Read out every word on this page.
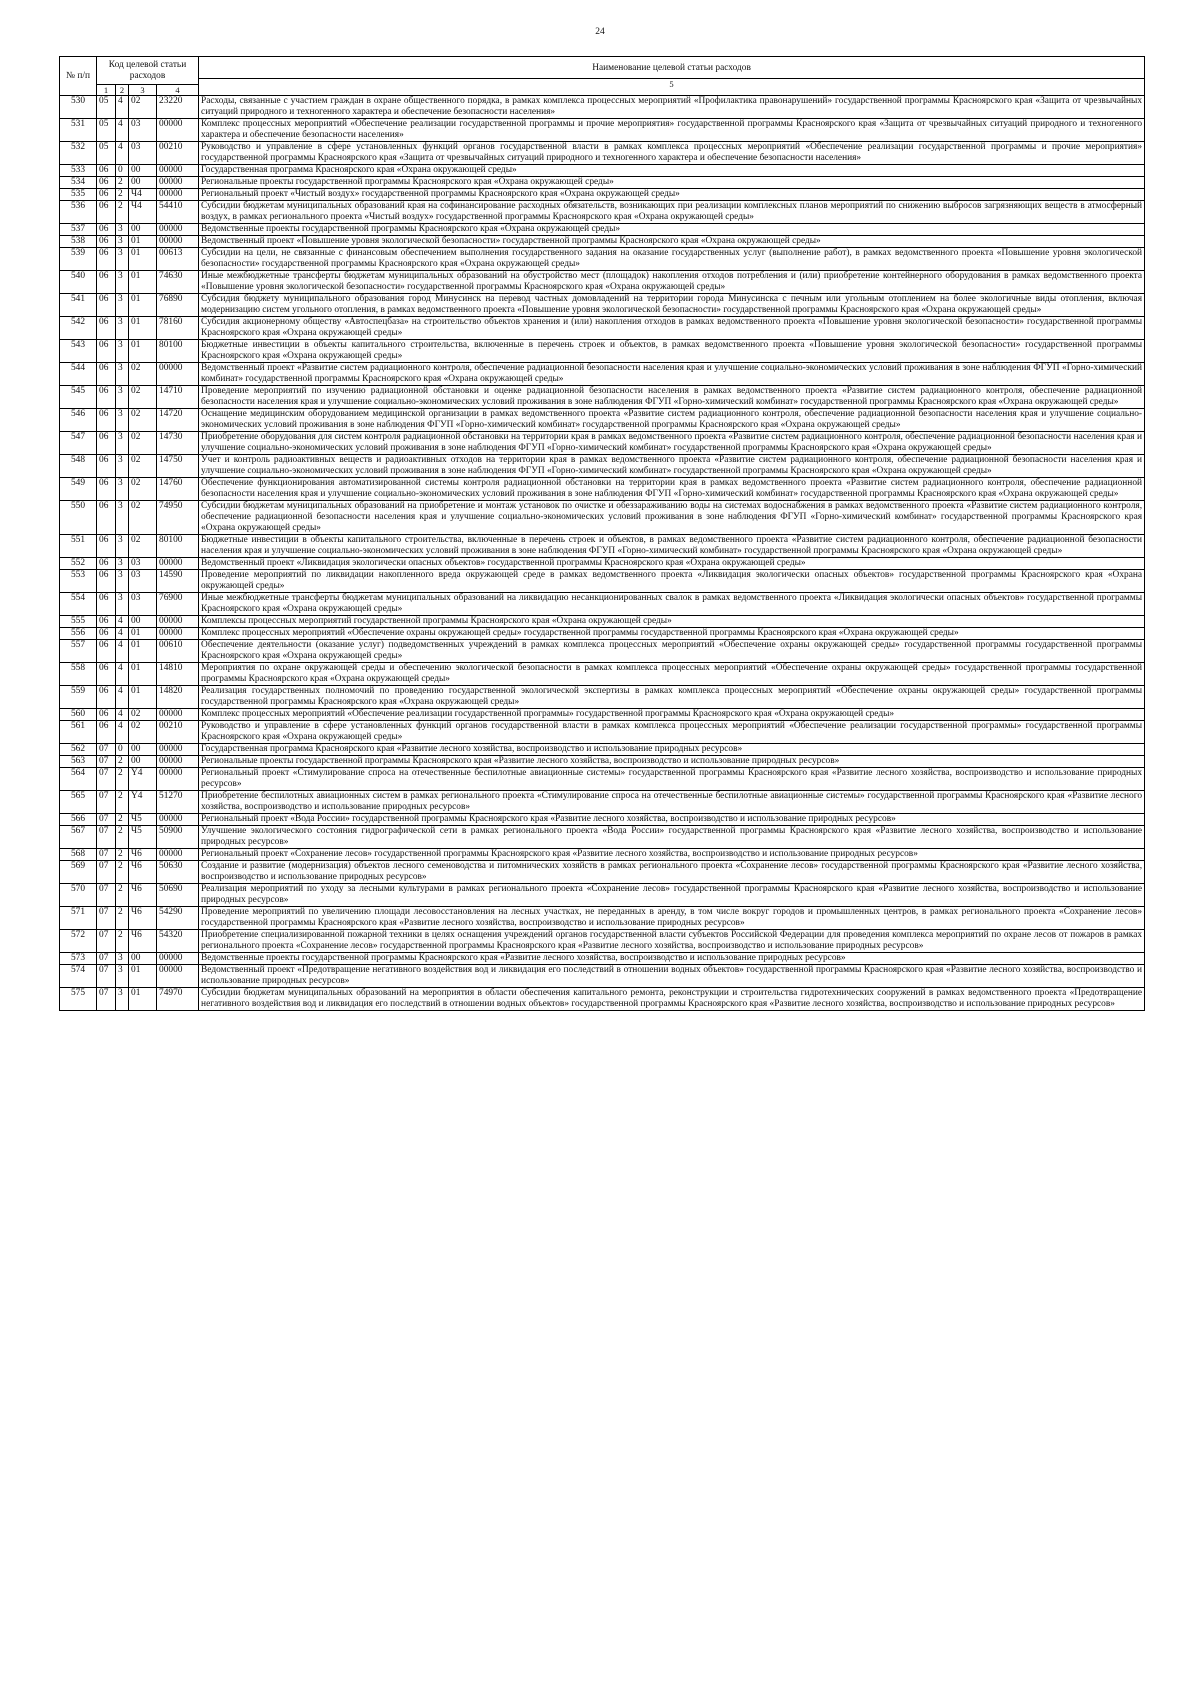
24
№ п/п	Код целевой статьи расходов				Наименование целевой статьи расходов
5

	1	2	3	4	
530	05	4	02	23220	Расходы, связанные с участием граждан в охране общественного порядка, в рамках комплекса процессных мероприятий «Профилактика правонарушений» государственной программы Красноярского края «Защита от чрезвычайных ситуаций природного и техногенного характера и обеспечение безопасности населения»
531	05	4	03	00000	Комплекс процессных мероприятий «Обеспечение реализации государственной программы и прочие мероприятия» государственной программы Красноярского края «Защита от чрезвычайных ситуаций природного и техногенного характера и обеспечение безопасности населения»
532	05	4	03	00210	Руководство и управление в сфере установленных функций органов государственной власти в рамках комплекса процессных мероприятий «Обеспечение реализации государственной программы и прочие мероприятия» государственной программы Красноярского края «Защита от чрезвычайных ситуаций природного и техногенного характера и обеспечение безопасности населения»
533	06	0	00	00000	Государственная программа Красноярского края «Охрана окружающей среды»
534	06	2	00	00000	Региональные проекты государственной программы Красноярского края «Охрана окружающей среды»
535	06	2	Ч4	00000	Региональный проект «Чистый воздух» государственной программы Красноярского края «Охрана окружающей среды»
536	06	2	Ч4	54410	Субсидии бюджетам муниципальных образований края на софинансирование расходных обязательств, возникающих при реализации комплексных планов мероприятий по снижению выбросов загрязняющих веществ в атмосферный воздух, в рамках регионального проекта «Чистый воздух» государственной программы Красноярского края «Охрана окружающей среды»
537	06	3	00	00000	Ведомственные проекты государственной программы Красноярского края «Охрана окружающей среды»
538	06	3	01	00000	Ведомственный проект «Повышение уровня экологической безопасности» государственной программы Красноярского края «Охрана окружающей среды»
539	06	3	01	00613	Субсидии на цели, не связанные с финансовым обеспечением выполнения государственного задания на оказание государственных услуг (выполнение работ), в рамках ведомственного проекта «Повышение уровня экологической безопасности» государственной программы Красноярского края «Охрана окружающей среды»
540	06	3	01	74630	Иные межбюджетные трансферты бюджетам муниципальных образований на обустройство мест (площадок) накопления отходов потребления и (или) приобретение контейнерного оборудования в рамках ведомственного проекта «Повышение уровня экологической безопасности» государственной программы Красноярского края «Охрана окружающей среды»
541	06	3	01	76890	Субсидия бюджету муниципального образования город Минусинск на перевод частных домовладений на территории города Минусинска с печным или угольным отоплением на более экологичные виды отопления, включая модернизацию систем угольного отопления, в рамках ведомственного проекта «Повышение уровня экологической безопасности» государственной программы Красноярского края «Охрана окружающей среды»
542	06	3	01	78160	Субсидия акционерному обществу «Автоспецбаза» на строительство объектов хранения и (или) накопления отходов в рамках ведомственного проекта «Повышение уровня экологической безопасности» государственной программы Красноярского края «Охрана окружающей среды»
543	06	3	01	80100	Бюджетные инвестиции в объекты капитального строительства, включенные в перечень строек и объектов, в рамках ведомственного проекта «Повышение уровня экологической безопасности» государственной программы Красноярского края «Охрана окружающей среды»
544	06	3	02	00000	Ведомственный проект «Развитие систем радиационного контроля, обеспечение радиационной безопасности населения края и улучшение социально-экономических условий проживания в зоне наблюдения ФГУП «Горно-химический комбинат» государственной программы Красноярского края «Охрана окружающей среды»
545	06	3	02	14710	Проведение мероприятий по изучению радиационной обстановки и оценке радиационной безопасности населения в рамках ведомственного проекта «Развитие систем радиационного контроля, обеспечение радиационной безопасности населения края и улучшение социально-экономических условий проживания в зоне наблюдения ФГУП «Горно-химический комбинат» государственной программы Красноярского края «Охрана окружающей среды»
546	06	3	02	14720	Оснащение медицинским оборудованием медицинской организации в рамках ведомственного проекта «Развитие систем радиационного контроля, обеспечение радиационной безопасности населения края и улучшение социально-экономических условий проживания в зоне наблюдения ФГУП «Горно-химический комбинат» государственной программы Красноярского края «Охрана окружающей среды»
547	06	3	02	14730	Приобретение оборудования для систем контроля радиационной обстановки на территории края в рамках ведомственного проекта «Развитие систем радиационного контроля, обеспечение радиационной безопасности населения края и улучшение социально-экономических условий проживания в зоне наблюдения ФГУП «Горно-химический комбинат» государственной программы Красноярского края «Охрана окружающей среды»
548	06	3	02	14750	Учет и контроль радиоактивных веществ и радиоактивных отходов на территории края в рамках ведомственного проекта «Развитие систем радиационного контроля, обеспечение радиационной безопасности населения края и улучшение социально-экономических условий проживания в зоне наблюдения ФГУП «Горно-химический комбинат» государственной программы Красноярского края «Охрана окружающей среды»
549	06	3	02	14760	Обеспечение функционирования автоматизированной системы контроля радиационной обстановки на территории края в рамках ведомственного проекта «Развитие систем радиационного контроля, обеспечение радиационной безопасности населения края и улучшение социально-экономических условий проживания в зоне наблюдения ФГУП «Горно-химический комбинат» государственной программы Красноярского края «Охрана окружающей среды»
550	06	3	02	74950	Субсидии бюджетам муниципальных образований на приобретение и монтаж установок по очистке и обеззараживанию воды на системах водоснабжения в рамках ведомственного проекта «Развитие систем радиационного контроля, обеспечение радиационной безопасности населения края и улучшение социально-экономических условий проживания в зоне наблюдения ФГУП «Горно-химический комбинат» государственной программы Красноярского края «Охрана окружающей среды»
551	06	3	02	80100	Бюджетные инвестиции в объекты капитального строительства, включенные в перечень строек и объектов, в рамках ведомственного проекта «Развитие систем радиационного контроля, обеспечение радиационной безопасности населения края и улучшение социально-экономических условий проживания в зоне наблюдения ФГУП «Горно-химический комбинат» государственной программы Красноярского края «Охрана окружающей среды»
552	06	3	03	00000	Ведомственный проект «Ликвидация экологически опасных объектов» государственной программы Красноярского края «Охрана окружающей среды»
553	06	3	03	14590	Проведение мероприятий по ликвидации накопленного вреда окружающей среде в рамках ведомственного проекта «Ликвидация экологически опасных объектов» государственной программы Красноярского края «Охрана окружающей среды»
554	06	3	03	76900	Иные межбюджетные трансферты бюджетам муниципальных образований на ликвидацию несанкционированных свалок в рамках ведомственного проекта «Ликвидация экологически опасных объектов» государственной программы Красноярского края «Охрана окружающей среды»
555	06	4	00	00000	Комплексы процессных мероприятий государственной программы Красноярского края «Охрана окружающей среды»
556	06	4	01	00000	Комплекс процессных мероприятий «Обеспечение охраны окружающей среды» государственной программы государственной программы Красноярского края «Охрана окружающей среды»
557	06	4	01	00610	Обеспечение деятельности (оказание услуг) подведомственных учреждений в рамках комплекса процессных мероприятий «Обеспечение охраны окружающей среды» государственной программы государственной программы Красноярского края «Охрана окружающей среды»
558	06	4	01	14810	Мероприятия по охране окружающей среды и обеспечению экологической безопасности в рамках комплекса процессных мероприятий «Обеспечение охраны окружающей среды» государственной программы государственной программы Красноярского края «Охрана окружающей среды»
559	06	4	01	14820	Реализация государственных полномочий по проведению государственной экологической экспертизы в рамках комплекса процессных мероприятий «Обеспечение охраны окружающей среды» государственной программы государственной программы Красноярского края «Охрана окружающей среды»
560	06	4	02	00000	Комплекс процессных мероприятий «Обеспечение реализации государственной программы» государственной программы Красноярского края «Охрана окружающей среды»
561	06	4	02	00210	Руководство и управление в сфере установленных функций органов государственной власти в рамках комплекса процессных мероприятий «Обеспечение реализации государственной программы» государственной программы Красноярского края «Охрана окружающей среды»
562	07	0	00	00000	Государственная программа Красноярского края «Развитие лесного хозяйства, воспроизводство и использование природных ресурсов»
563	07	2	00	00000	Региональные проекты государственной программы Красноярского края «Развитие лесного хозяйства, воспроизводство и использование природных ресурсов»
564	07	2	Y4	00000	Региональный проект «Стимулирование спроса на отечественные беспилотные авиационные системы» государственной программы Красноярского края «Развитие лесного хозяйства, воспроизводство и использование природных ресурсов»
565	07	2	Y4	51270	Приобретение беспилотных авиационных систем в рамках регионального проекта «Стимулирование спроса на отечественные беспилотные авиационные системы» государственной программы Красноярского края «Развитие лесного хозяйства, воспроизводство и использование природных ресурсов»
566	07	2	Ч5	00000	Региональный проект «Вода России» государственной программы Красноярского края «Развитие лесного хозяйства, воспроизводство и использование природных ресурсов»
567	07	2	Ч5	50900	Улучшение экологического состояния гидрографической сети в рамках регионального проекта «Вода России» государственной программы Красноярского края «Развитие лесного хозяйства, воспроизводство и использование природных ресурсов»
568	07	2	Ч6	00000	Региональный проект «Сохранение лесов» государственной программы Красноярского края «Развитие лесного хозяйства, воспроизводство и использование природных ресурсов»
569	07	2	Ч6	50630	Создание и развитие (модернизация) объектов лесного семеноводства и питомнических хозяйств в рамках регионального проекта «Сохранение лесов» государственной программы Красноярского края «Развитие лесного хозяйства, воспроизводство и использование природных ресурсов»
570	07	2	Ч6	50690	Реализация мероприятий по уходу за лесными культурами в рамках регионального проекта «Сохранение лесов» государственной программы Красноярского края «Развитие лесного хозяйства, воспроизводство и использование природных ресурсов»
571	07	2	Ч6	54290	Проведение мероприятий по увеличению площади лесовосстановления на лесных участках, не переданных в аренду, в том числе вокруг городов и промышленных центров, в рамках регионального проекта «Сохранение лесов» государственной программы Красноярского края «Развитие лесного хозяйства, воспроизводство и использование природных ресурсов»
572	07	2	Ч6	54320	Приобретение специализированной пожарной техники в целях оснащения учреждений органов государственной власти субъектов Российской Федерации для проведения комплекса мероприятий по охране лесов от пожаров в рамках регионального проекта «Сохранение лесов» государственной программы Красноярского края «Развитие лесного хозяйства, воспроизводство и использование природных ресурсов»
573	07	3	00	00000	Ведомственные проекты государственной программы Красноярского края «Развитие лесного хозяйства, воспроизводство и использование природных ресурсов»
574	07	3	01	00000	Ведомственный проект «Предотвращение негативного воздействия вод и ликвидация его последствий в отношении водных объектов» государственной программы Красноярского края «Развитие лесного хозяйства, воспроизводство и использование природных ресурсов»
575	07	3	01	74970	Субсидии бюджетам муниципальных образований на мероприятия в области обеспечения капитального ремонта, реконструкции и строительства гидротехнических сооружений в рамках ведомственного проекта «Предотвращение негативного воздействия вод и ликвидация его последствий в отношении водных объектов» государственной программы Красноярского края «Развитие лесного хозяйства, воспроизводство и использование природных ресурсов»
